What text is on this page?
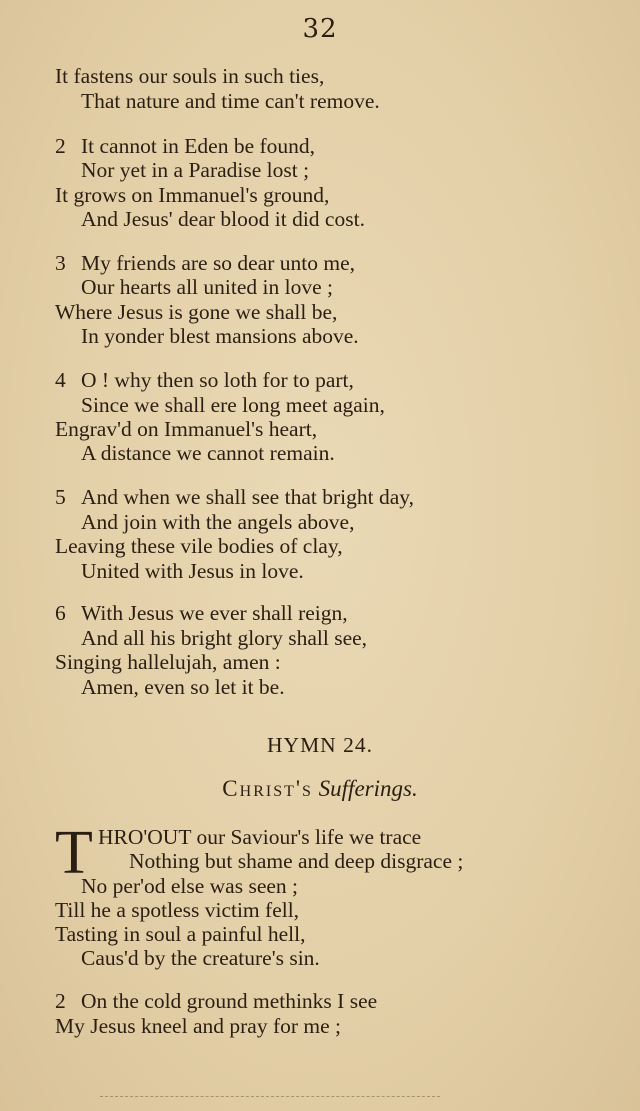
32
It fastens our souls in such ties,
That nature and time can't remove.
2 It cannot in Eden be found,
Nor yet in a Paradise lost ;
It grows on Immanuel's ground,
And Jesus' dear blood it did cost.
3 My friends are so dear unto me,
Our hearts all united in love ;
Where Jesus is gone we shall be,
In yonder blest mansions above.
4 O ! why then so loth for to part,
Since we shall ere long meet again,
Engrav'd on Immanuel's heart,
A distance we cannot remain.
5 And when we shall see that bright day,
And join with the angels above,
Leaving these vile bodies of clay,
United with Jesus in love.
6 With Jesus we ever shall reign,
And all his bright glory shall see,
Singing hallelujah, amen :
Amen, even so let it be.
HYMN 24.
Christ's Sufferings.
T HRO'OUT our Saviour's life we trace
Nothing but shame and deep disgrace ;
No per'od else was seen ;
Till he a spotless victim fell,
Tasting in soul a painful hell,
Caus'd by the creature's sin.
2 On the cold ground methinks I see
My Jesus kneel and pray for me ;
